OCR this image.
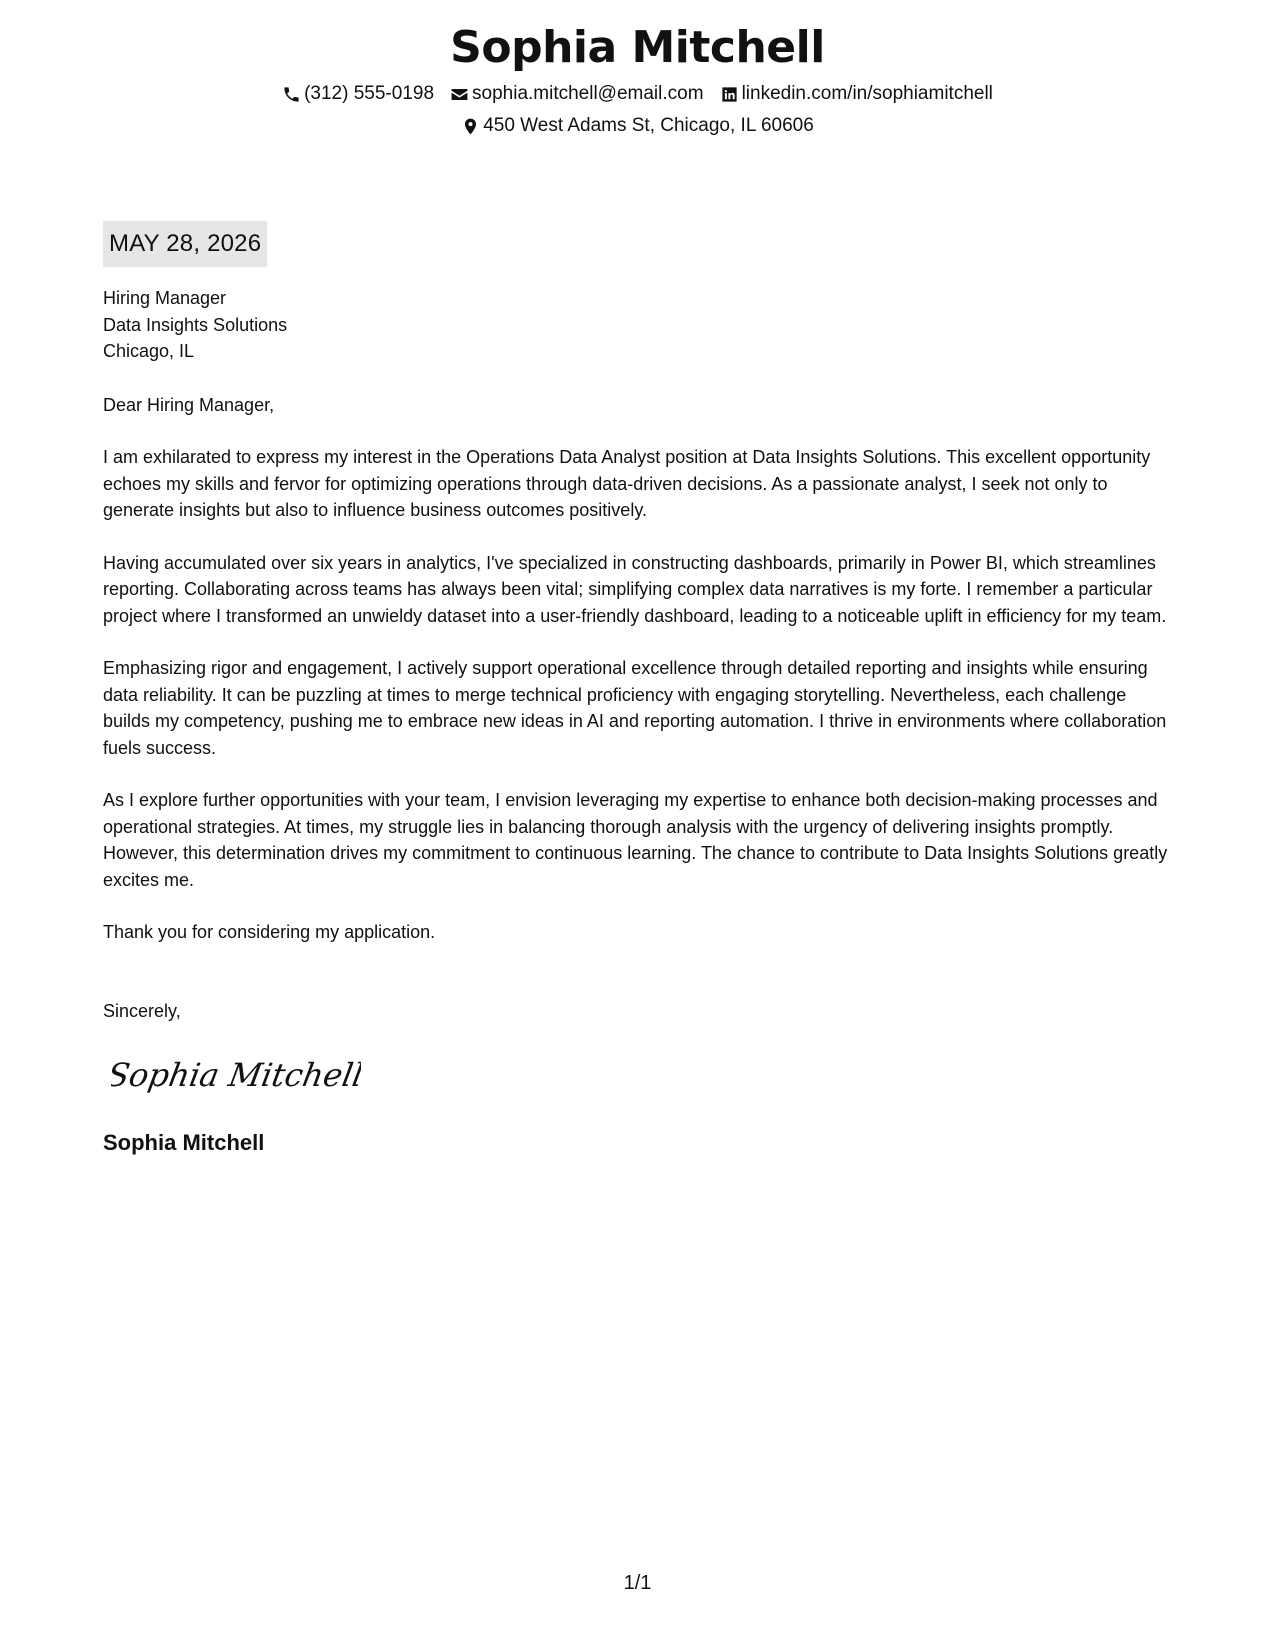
Sophia Mitchell
(312) 555-0198 sophia.mitchell@email.com linkedin.com/in/sophiamitchell
450 West Adams St, Chicago, IL 60606
MAY 28, 2026
Hiring Manager
Data Insights Solutions
Chicago, IL
Dear Hiring Manager,

I am exhilarated to express my interest in the Operations Data Analyst position at Data Insights Solutions. This excellent opportunity echoes my skills and fervor for optimizing operations through data-driven decisions. As a passionate analyst, I seek not only to generate insights but also to influence business outcomes positively.

Having accumulated over six years in analytics, I've specialized in constructing dashboards, primarily in Power BI, which streamlines reporting. Collaborating across teams has always been vital; simplifying complex data narratives is my forte. I remember a particular project where I transformed an unwieldy dataset into a user-friendly dashboard, leading to a noticeable uplift in efficiency for my team.

Emphasizing rigor and engagement, I actively support operational excellence through detailed reporting and insights while ensuring data reliability. It can be puzzling at times to merge technical proficiency with engaging storytelling. Nevertheless, each challenge builds my competency, pushing me to embrace new ideas in AI and reporting automation. I thrive in environments where collaboration fuels success.

As I explore further opportunities with your team, I envision leveraging my expertise to enhance both decision-making processes and operational strategies. At times, my struggle lies in balancing thorough analysis with the urgency of delivering insights promptly. However, this determination drives my commitment to continuous learning. The chance to contribute to Data Insights Solutions greatly excites me.

Thank you for considering my application.

Sincerely,
Sophia Mitchell
Sophia Mitchell
1/1
